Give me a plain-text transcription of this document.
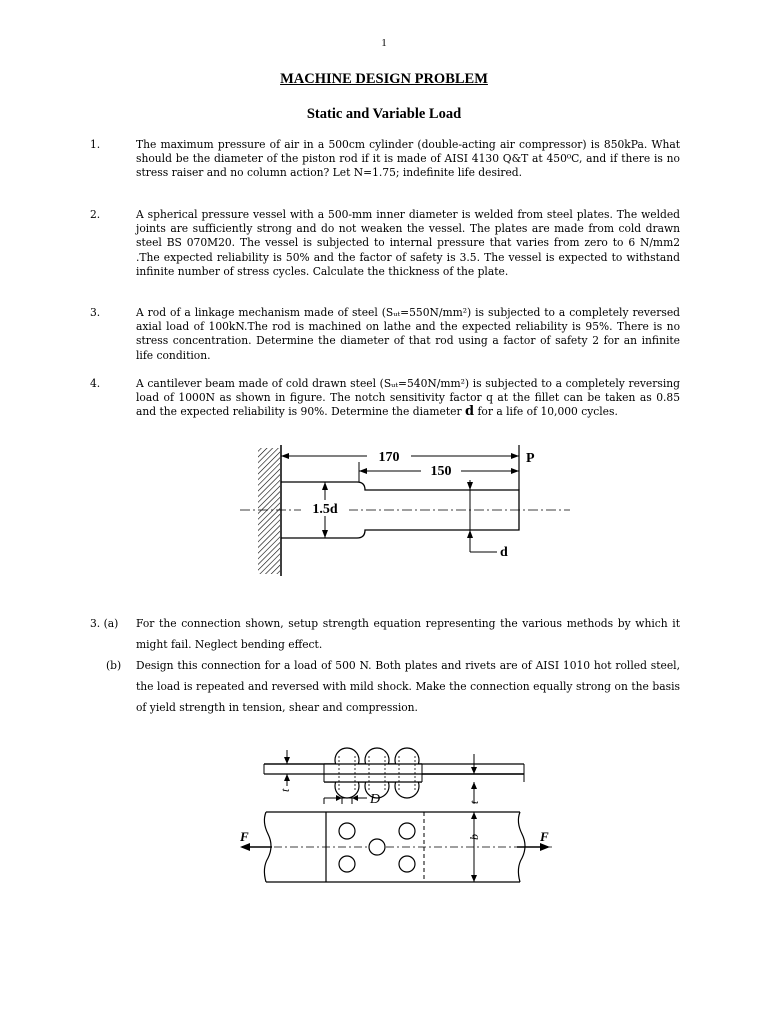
1
MACHINE DESIGN PROBLEM
Static and Variable Load
1.	The maximum pressure of air in a 500cm cylinder (double-acting air compressor) is 850kPa. What should be the diameter of the piston rod if it is made of AISI 4130 Q&T at 450⁰C, and if there is no stress raiser and no column action? Let N=1.75; indefinite life desired.
2.	A spherical pressure vessel with a 500-mm inner diameter is welded from steel plates. The welded joints are sufficiently strong and do not weaken the vessel. The plates are made from cold drawn steel BS 070M20. The vessel is subjected to internal pressure that varies from zero to 6 N/mm2 .The expected reliability is 50% and the factor of safety is 3.5. The vessel is expected to withstand infinite number of stress cycles. Calculate the thickness of the plate.
3.	A rod of a linkage mechanism made of steel (Sᵤₜ=550N/mm²) is subjected to a completely reversed axial load of 100kN.The rod is machined on lathe and the expected reliability is 95%. There is no stress concentration. Determine the diameter of that rod using a factor of safety 2 for an infinite life condition.
4.	A cantilever beam made of cold drawn steel (Sᵤₜ=540N/mm²) is subjected to a completely reversing load of 1000N as shown in figure. The notch sensitivity factor q at the fillet can be taken as 0.85 and the expected reliability is 90%. Determine the diameter d for a life of 10,000 cycles.
170
150
P
1.5d
d
3. (a) For the connection shown, setup strength equation representing the various methods by which it might fail. Neglect bending effect.
(b) Design this connection for a load of 500 N. Both plates and rivets are of AISI 1010 hot rolled steel, the load is repeated and reversed with mild shock. Make the connection equally strong on the basis of yield strength in tension, shear and compression.
t
D	t
F	F
b
